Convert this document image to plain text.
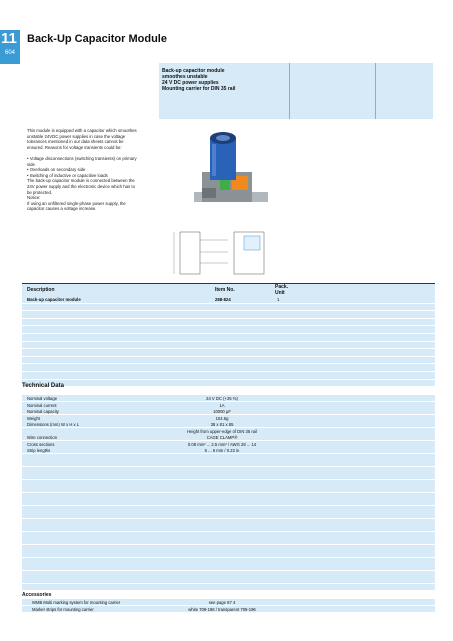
11
604
Back-Up Capacitor Module
Back-up capacitor module
smoothes unstable
24 V DC power supplies
Mounting carrier for DIN 35 rail
This module is equipped with a capacitor which smoothes
unstable 24VDC power supplies in case the voltage
tolerances mentioned in our data sheets cannot be
ensured. Reasons for voltage transients could be:
• Voltage disconnections (switching transients) on primary
side
• Overloads on secondary side
• Switching of inductive or capacitive loads
The back-up capacitor module is connected between the
24V power supply and the electronic device which has to
be protected.
Notice:
If using an unfiltered single-phase power supply, the
capacitor causes a voltage increase.
Description	Item No.	Pack.
Unit
Back-up capacitor module	288-824	1
Technical Data
Nominal voltage	24 V DC (+25 %)
Nominal current	1A
Nominal capacity	10000 µF
Weight	104.6g
Dimensions (mm) W x H x L	38 x 81 x 85
Height from upper-edge of DIN 35 rail
Wire connection	CAGE CLAMP®
Cross sections	0.08 mm² ... 2.5 mm² / AWG 28 ... 14
Strip lengths	5 ... 6 mm / 0.22 in
Accessories
WMB Multi marking system for mounting carrier	see page 67 4
Marker strips for mounting carrier	white 709-198 / transparent 709-196
